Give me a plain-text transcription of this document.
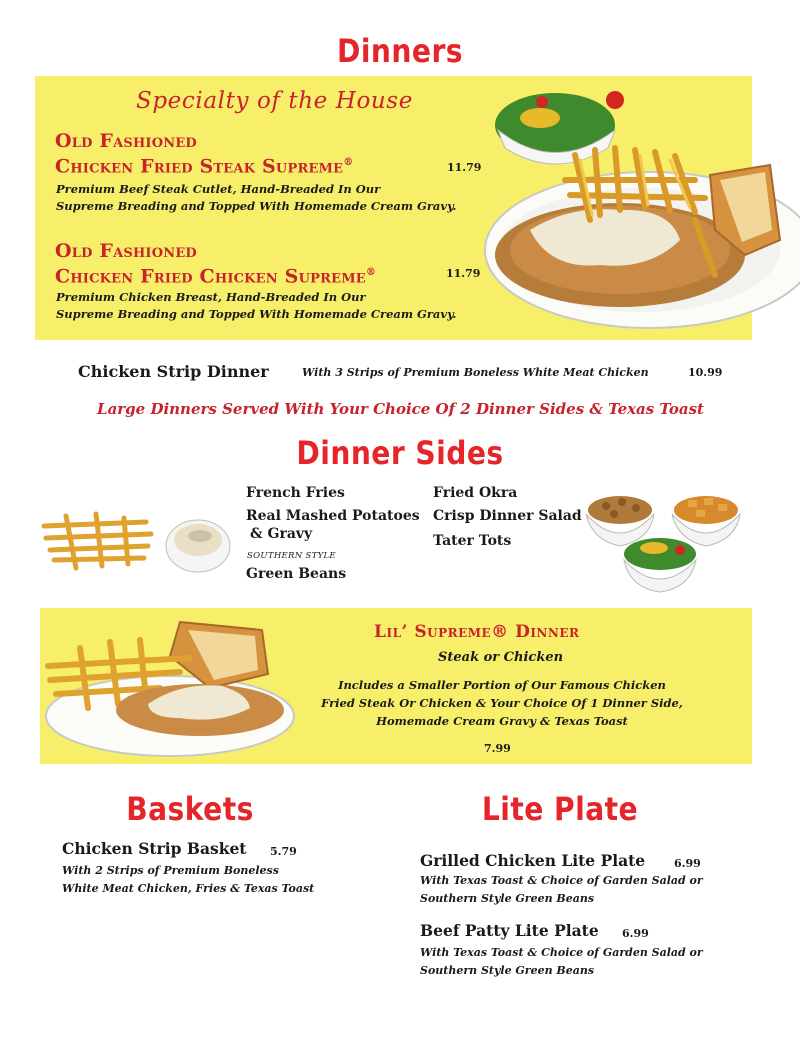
Dinners
Specialty of the House
Old Fashioned
Chicken Fried Steak Supreme®	11.79
Premium Beef Steak Cutlet, Hand-Breaded In Our
Supreme Breading and Topped With Homemade Cream Gravy.
Old Fashioned
Chicken Fried Chicken Supreme®	11.79
Premium Chicken Breast, Hand-Breaded In Our
Supreme Breading and Topped With Homemade Cream Gravy.
Chicken Strip Dinner	With 3 Strips of Premium Boneless White Meat Chicken	10.99
Large Dinners Served With Your Choice Of 2 Dinner Sides & Texas Toast
Dinner Sides
French Fries
Real Mashed Potatoes
& Gravy
SOUTHERN STYLE
Green Beans
Fried Okra
Crisp Dinner Salad
Tater Tots
Lil’ Supreme® Dinner
Steak or Chicken
Includes a Smaller Portion of Our Famous Chicken
Fried Steak Or Chicken & Your Choice Of 1 Dinner Side,
Homemade Cream Gravy & Texas Toast
7.99
Baskets
Chicken Strip Basket 5.79
With 2 Strips of Premium Boneless
White Meat Chicken, Fries & Texas Toast
Lite Plate
Grilled Chicken Lite Plate	6.99
With Texas Toast & Choice of Garden Salad or
Southern Style Green Beans
Beef Patty Lite Plate 6.99
With Texas Toast & Choice of Garden Salad or
Southern Style Green Beans
